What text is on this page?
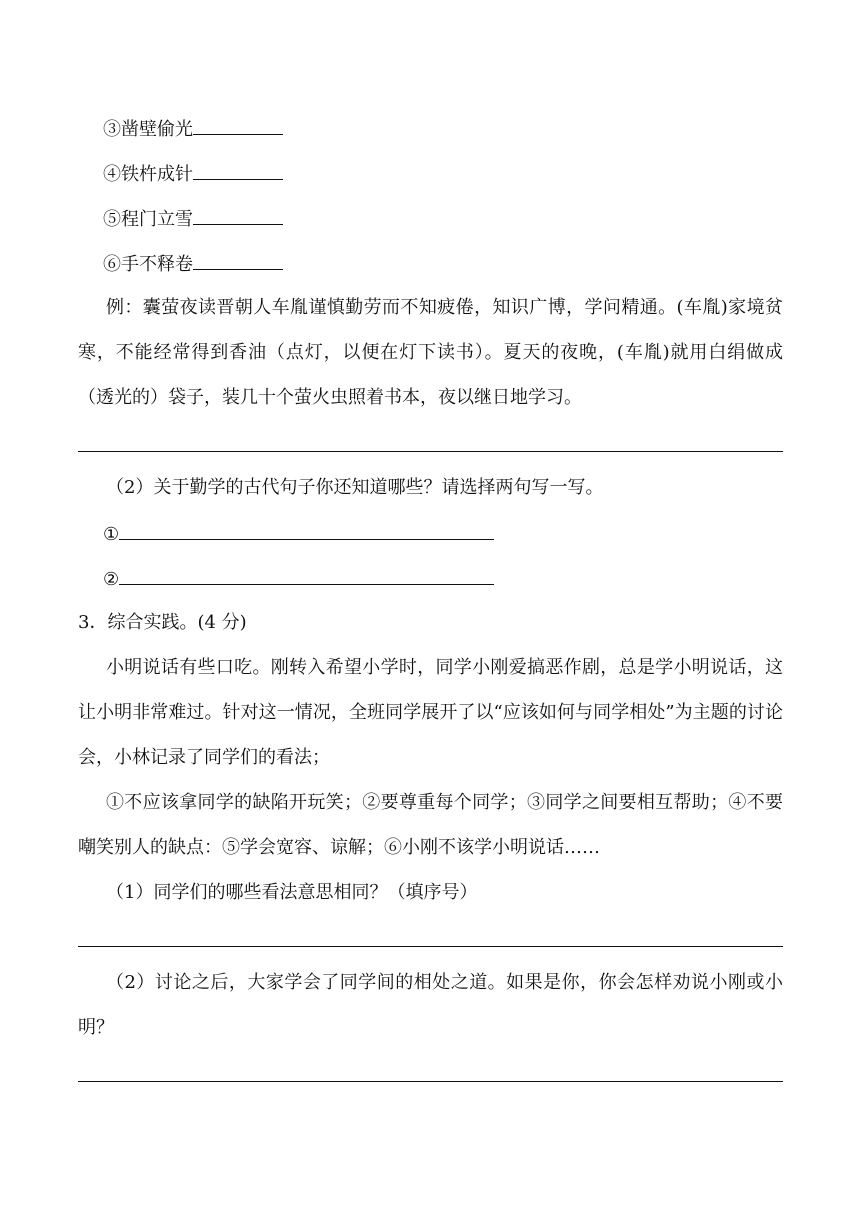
③凿壁偷光
④铁杵成针
⑤程门立雪
⑥手不释卷
例：囊萤夜读晋朝人车胤谨慎勤劳而不知疲倦，知识广博，学问精通。(车胤)家境贫寒，不能经常得到香油（点灯，以便在灯下读书）。夏天的夜晚，(车胤)就用白绢做成（透光的）袋子，装几十个萤火虫照着书本，夜以继日地学习。
（2）关于勤学的古代句子你还知道哪些？请选择两句写一写。
①
②
3．综合实践。(4 分)
小明说话有些口吃。刚转入希望小学时，同学小刚爱搞恶作剧，总是学小明说话，这让小明非常难过。针对这一情况，全班同学展开了以“应该如何与同学相处”为主题的讨论会，小林记录了同学们的看法；
①不应该拿同学的缺陷开玩笑；②要尊重每个同学；③同学之间要相互帮助；④不要嘲笑别人的缺点：⑤学会宽容、谅解；⑥小刚不该学小明说话……
（1）同学们的哪些看法意思相同？（填序号）
（2）讨论之后，大家学会了同学间的相处之道。如果是你，你会怎样劝说小刚或小明？
